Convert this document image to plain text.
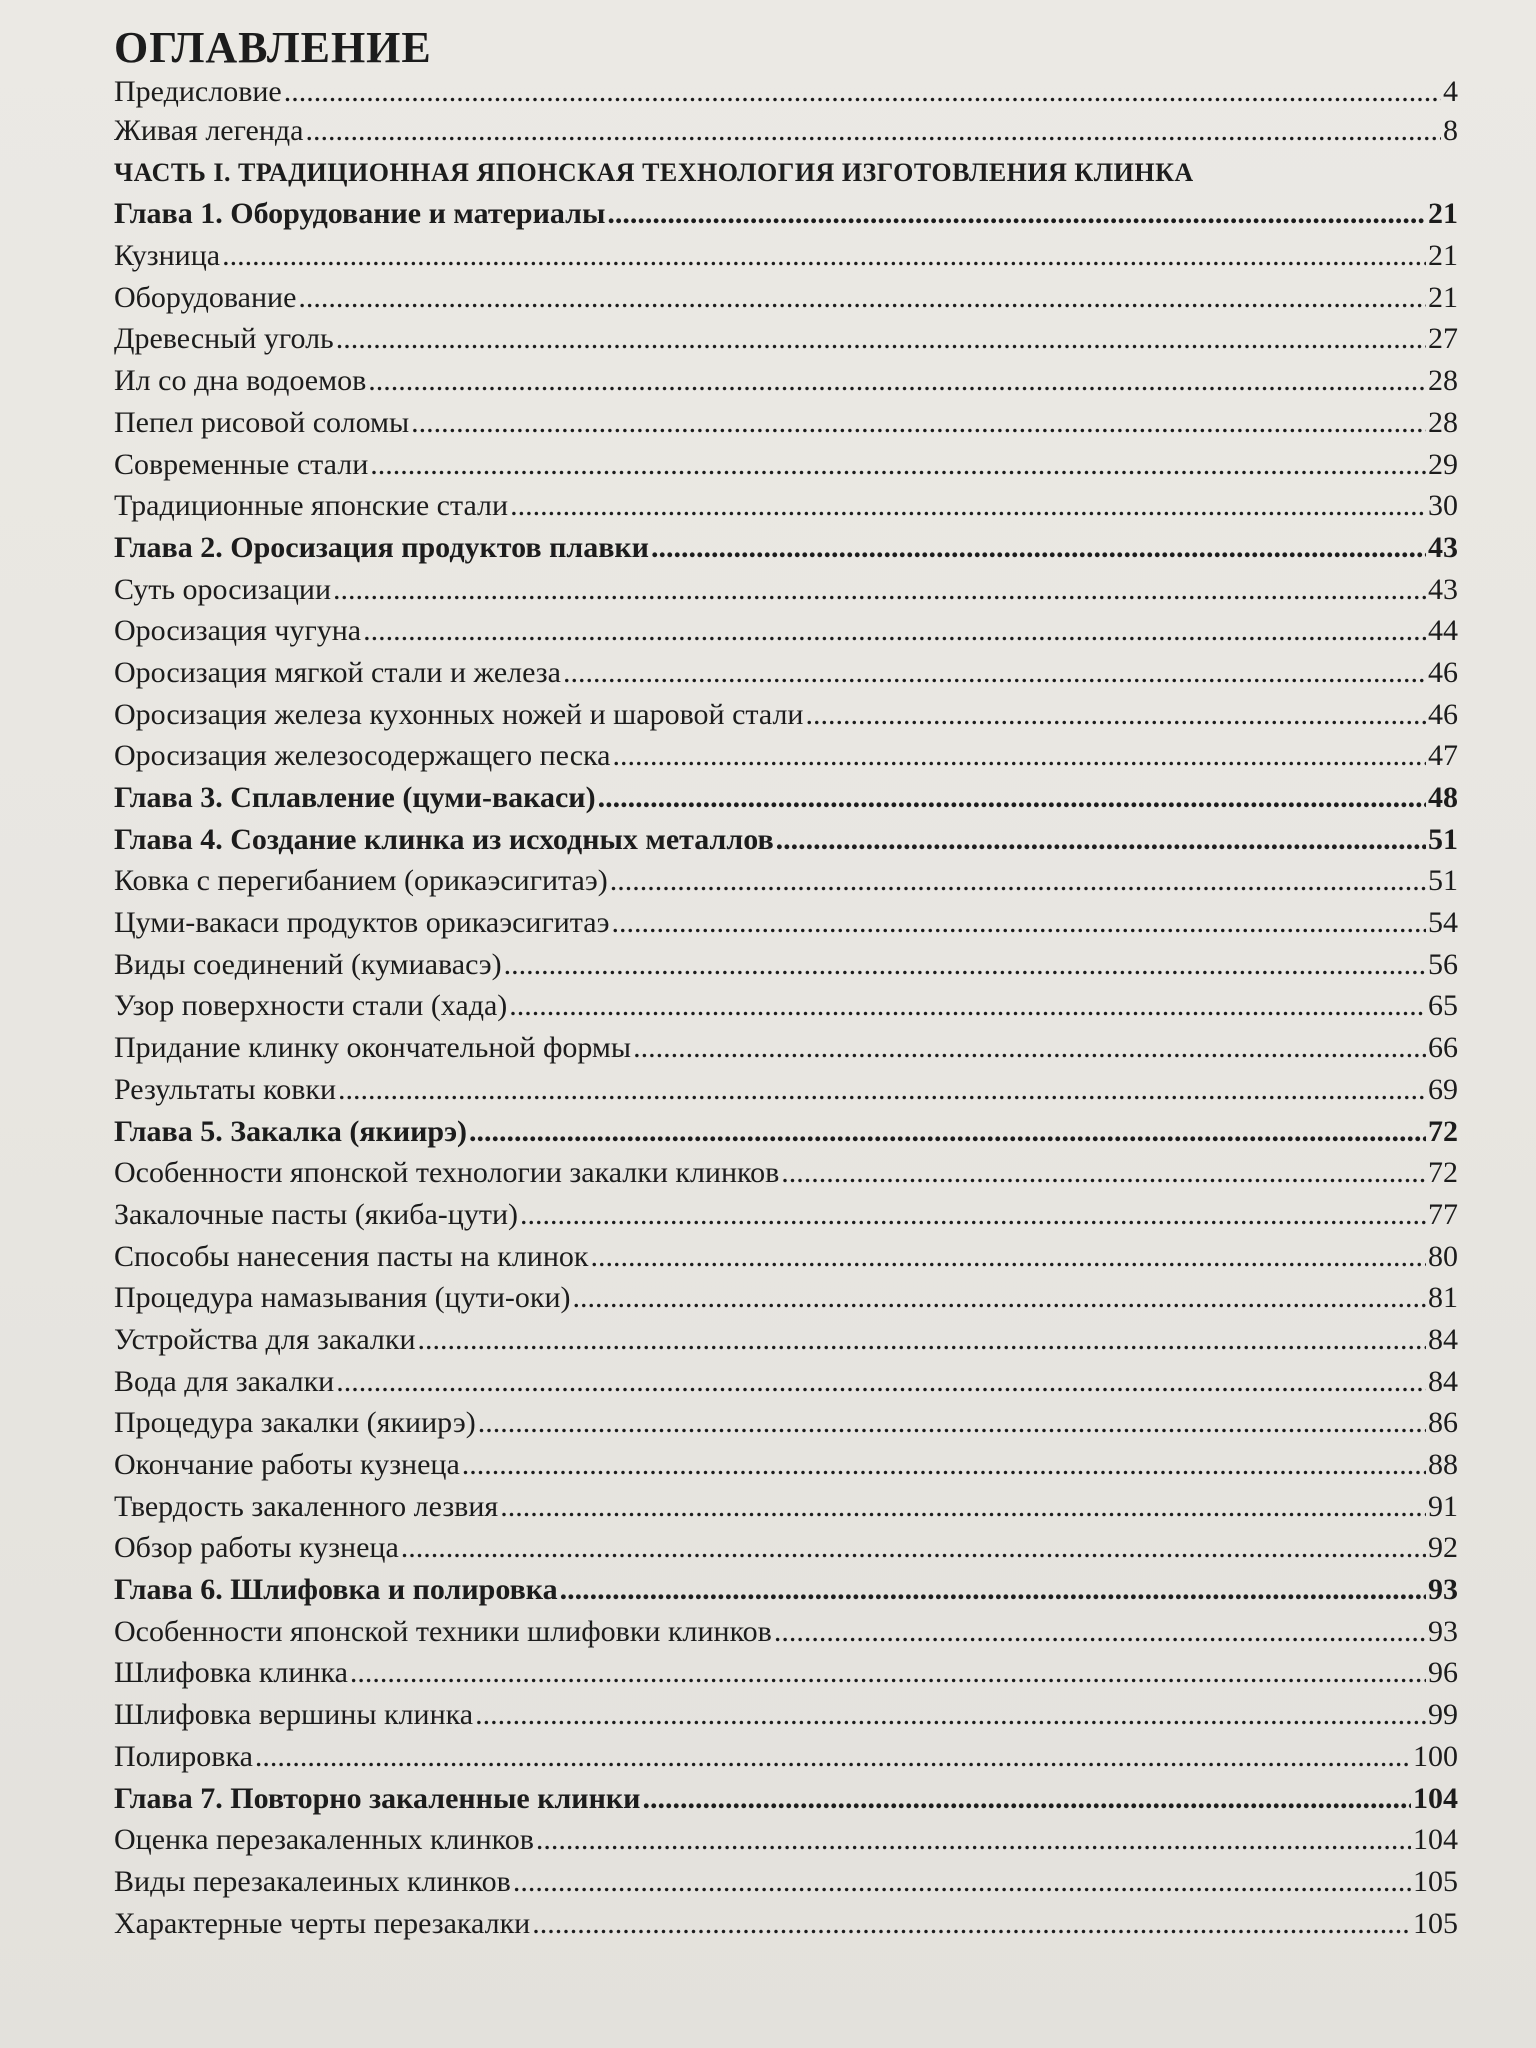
ОГЛАВЛЕНИЕ
Предисловие .....	4
Живая легенда .....	8
ЧАСТЬ I. ТРАДИЦИОННАЯ ЯПОНСКАЯ ТЕХНОЛОГИЯ ИЗГОТОВЛЕНИЯ КЛИНКА
Глава 1. Оборудование и материалы .....	21
Кузница .....	21
Оборудование .....	21
Древесный уголь .....	27
Ил со дна водоемов .....	28
Пепел рисовой соломы .....	28
Современные стали .....	29
Традиционные японские стали .....	30
Глава 2. Оросизация продуктов плавки .....	43
Суть оросизации .....	43
Оросизация чугуна .....	44
Оросизация мягкой стали и железа .....	46
Оросизация железа кухонных ножей и шаровой стали .....	46
Оросизация железосодержащего песка .....	47
Глава 3. Сплавление (цуми-вакаси) .....	48
Глава 4. Создание клинка из исходных металлов .....	51
Ковка с перегибанием (орикаэсигитаэ) .....	51
Цуми-вакаси продуктов орикаэсигитаэ .....	54
Виды соединений (кумиавасэ) .....	56
Узор поверхности стали (хада) .....	65
Придание клинку окончательной формы .....	66
Результаты ковки .....	69
Глава 5. Закалка (якиирэ) .....	72
Особенности японской технологии закалки клинков .....	72
Закалочные пасты (якиба-цути) .....	77
Способы нанесения пасты на клинок .....	80
Процедура намазывания (цути-оки) .....	81
Устройства для закалки .....	84
Вода для закалки .....	84
Процедура закалки (якиирэ) .....	86
Окончание работы кузнеца .....	88
Твердость закаленного лезвия .....	91
Обзор работы кузнеца .....	92
Глава 6. Шлифовка и полировка .....	93
Особенности японской техники шлифовки клинков .....	93
Шлифовка клинка .....	96
Шлифовка вершины клинка .....	99
Полировка .....	100
Глава 7. Повторно закаленные клинки .....	104
Оценка перезакаленных клинков .....	104
Виды перезакалеиных клинков .....	105
Характерные черты перезакалки .....	105
